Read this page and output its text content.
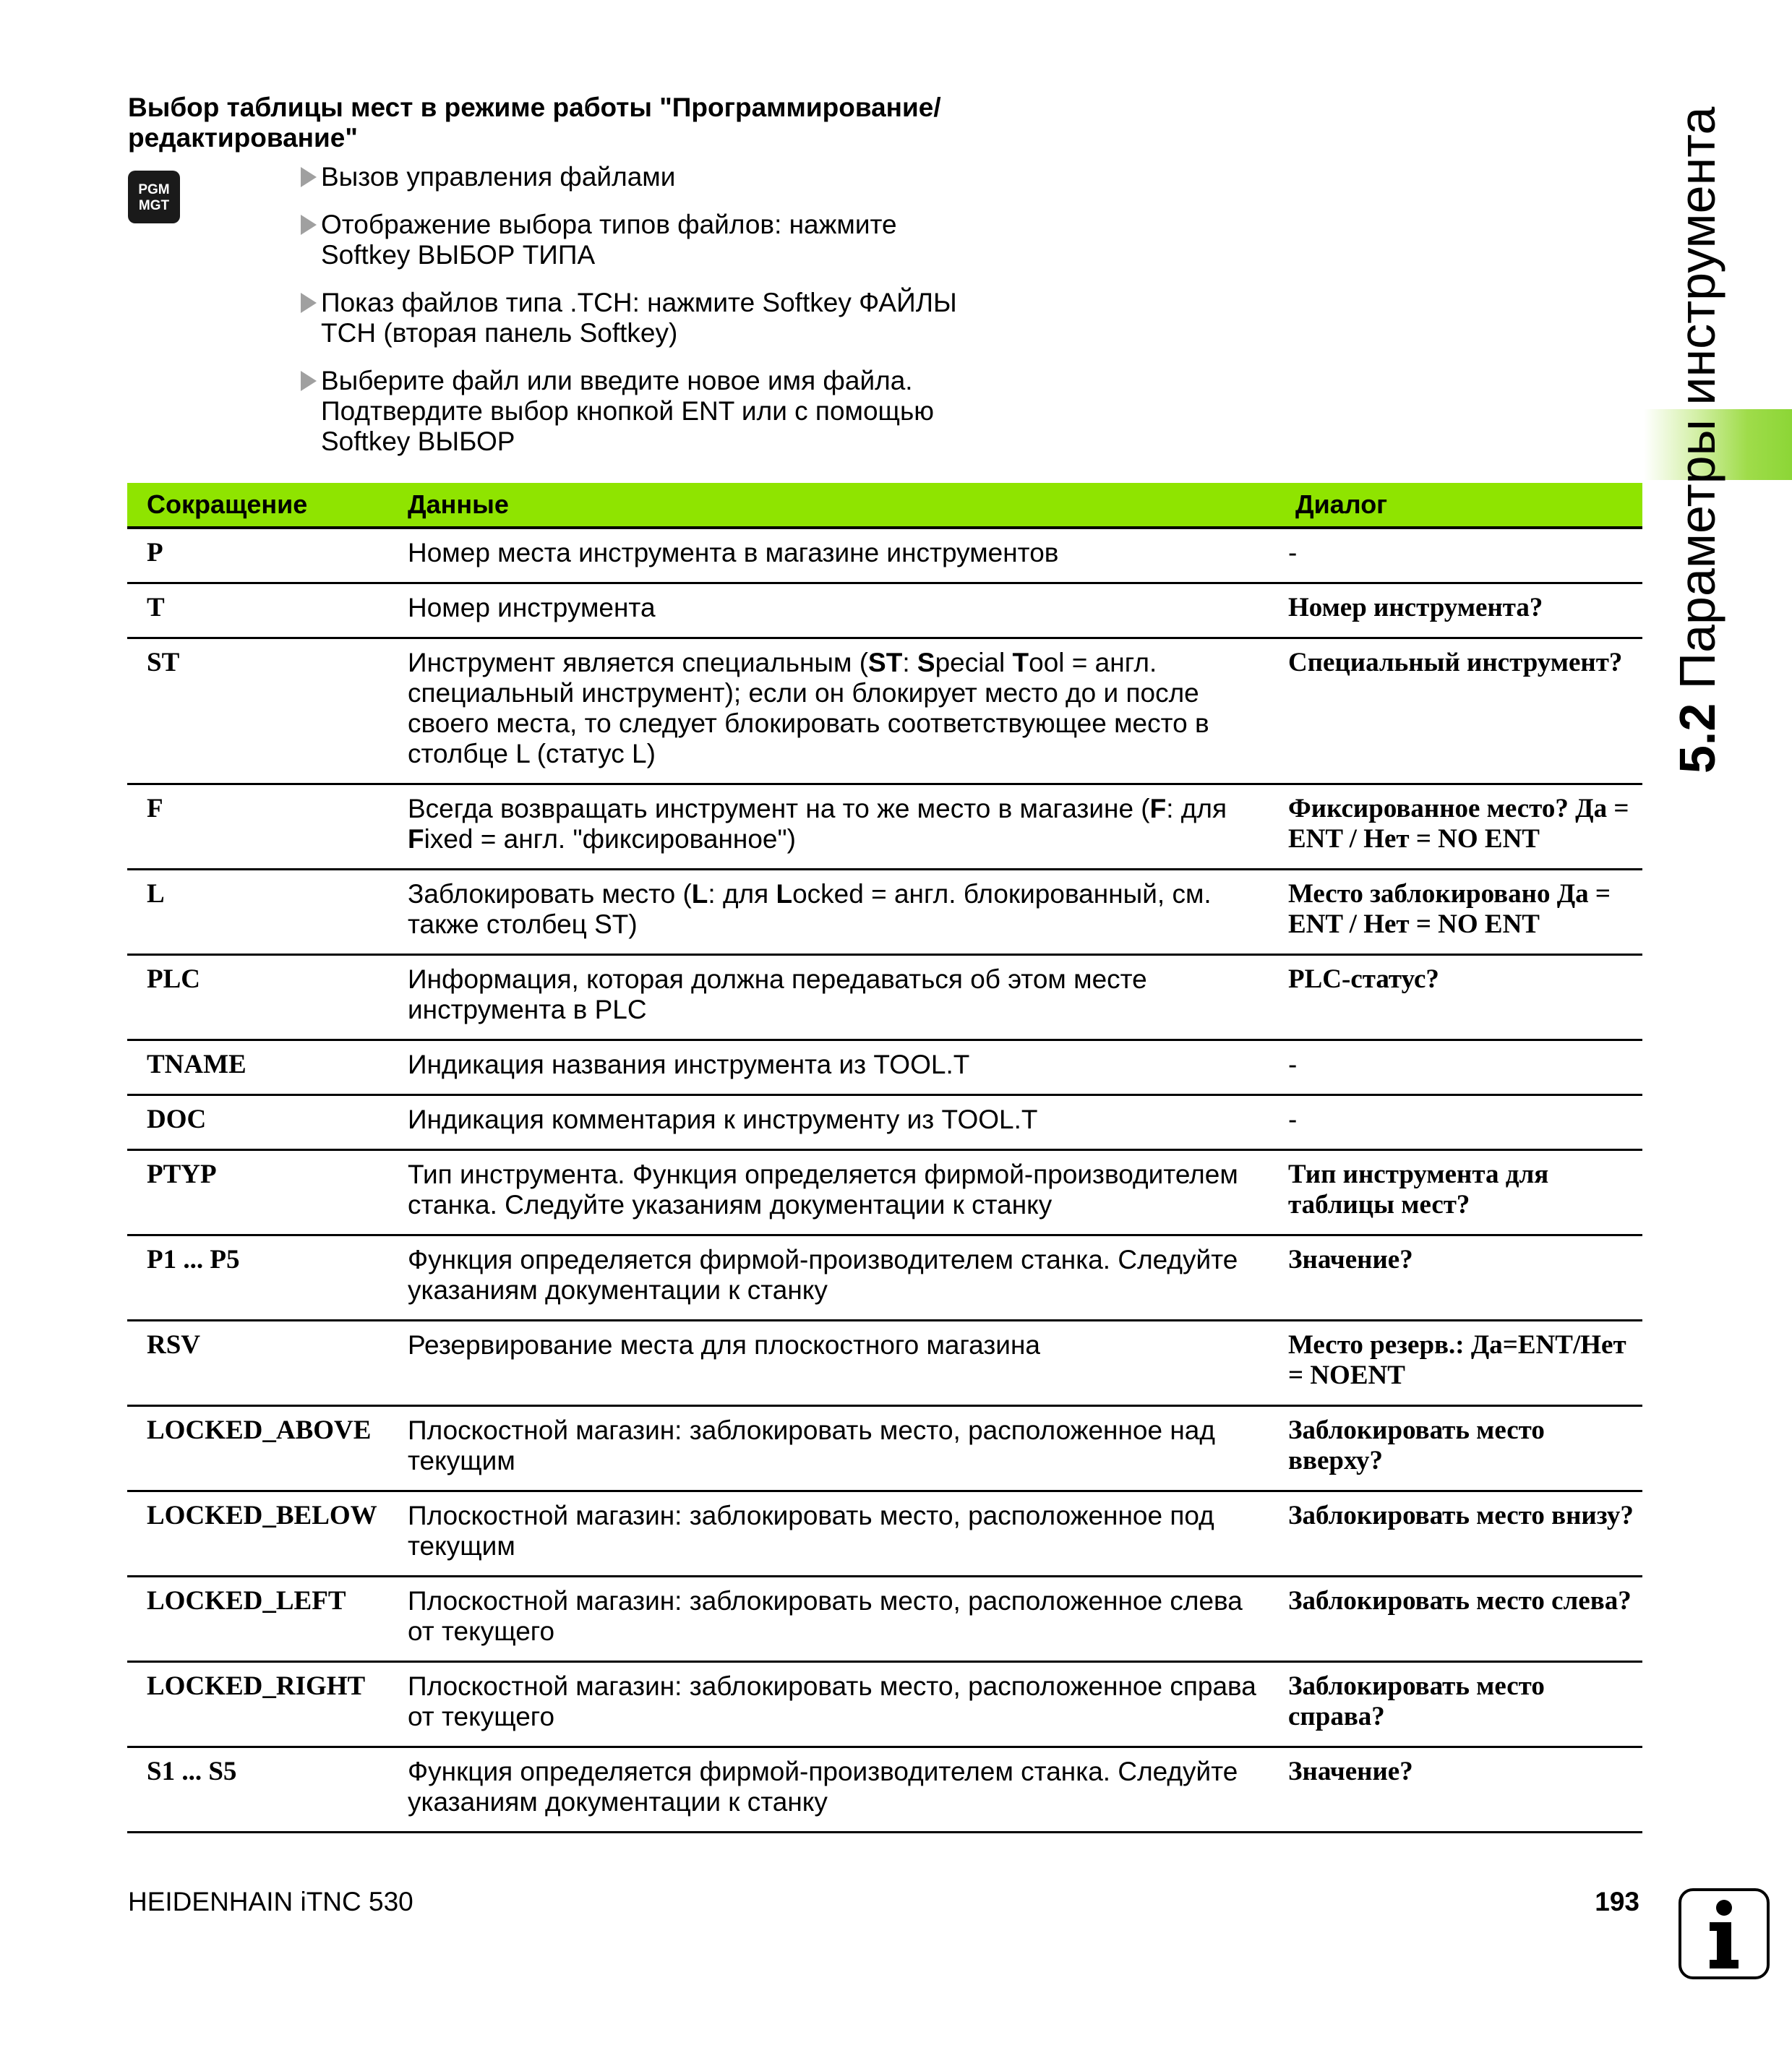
Выбор таблицы мест в режиме работы "Программирование/
редактирование"
PGM
MGT
Вызов управления файлами
Отображение выбора типов файлов: нажмите
Softkey ВЫБОР ТИПА
Показ файлов типа .TCH: нажмите Softkey ФАЙЛЫ
TCH (вторая панель Softkey)
Выберите файл или введите новое имя файла.
Подтвердите выбор кнопкой ENT или с помощью
Softkey ВЫБОР
Сокращение	Данные	Диалог
P	Номер места инструмента в магазине инструментов	-
T	Номер инструмента	Номер инструмента?
ST	Инструмент является специальным (ST: Special Tool = англ. специальный инструмент); если он блокирует место до и после своего места, то следует блокировать соответствующее место в столбце L (статус L)	Специальный инструмент?
F	Всегда возвращать инструмент на то же место в магазине (F: для Fixed = англ. "фиксированное")	Фиксированное место? Да = ENT / Нет = NO ENT
L	Заблокировать место (L: для Locked = англ. блокированный, см. также столбец ST)	Место заблокировано Да = ENT / Нет = NO ENT
PLC	Информация, которая должна передаваться об этом месте инструмента в PLC	PLC-статус?
TNAME	Индикация названия инструмента из TOOL.T	-
DOC	Индикация комментария к инструменту из TOOL.T	-
PTYP	Тип инструмента. Функция определяется фирмой-производителем станка. Следуйте указаниям документации к станку	Тип инструмента для таблицы мест?
P1 ... P5	Функция определяется фирмой-производителем станка. Следуйте указаниям документации к станку	Значение?
RSV	Резервирование места для плоскостного магазина	Место резерв.: Да=ENT/Нет = NOENT
LOCKED_ABOVE	Плоскостной магазин: заблокировать место, расположенное над текущим	Заблокировать место вверху?
LOCKED_BELOW	Плоскостной магазин: заблокировать место, расположенное под текущим	Заблокировать место внизу?
LOCKED_LEFT	Плоскостной магазин: заблокировать место, расположенное слева от текущего	Заблокировать место слева?
LOCKED_RIGHT	Плоскостной магазин: заблокировать место, расположенное справа от текущего	Заблокировать место справа?
S1 ... S5	Функция определяется фирмой-производителем станка. Следуйте указаниям документации к станку	Значение?
5.2 Параметры инструмента
HEIDENHAIN iTNC 530	193
